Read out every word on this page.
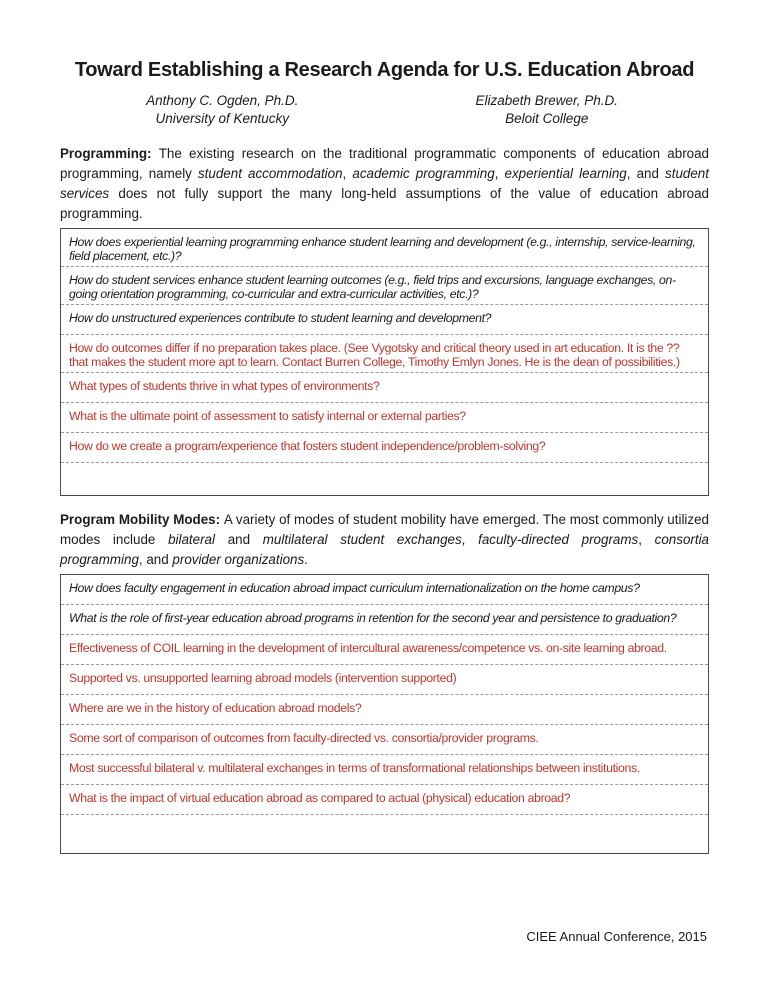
Toward Establishing a Research Agenda for U.S. Education Abroad
Anthony C. Ogden, Ph.D.
University of Kentucky
Elizabeth Brewer, Ph.D.
Beloit College

Programming: The existing research on the traditional programmatic components of education abroad programming, namely student accommodation, academic programming, experiential learning, and student services does not fully support the many long-held assumptions of the value of education abroad programming.

How does experiential learning programming enhance student learning and development (e.g., internship, service-learning, field placement, etc.)?
How do student services enhance student learning outcomes (e.g., field trips and excursions, language exchanges, on-going orientation programming, co-curricular and extra-curricular activities, etc.)?
How do unstructured experiences contribute to student learning and development?
How do outcomes differ if no preparation takes place. (See Vygotsky and critical theory used in art education. It is the ?? that makes the student more apt to learn. Contact Burren College, Timothy Emlyn Jones. He is the dean of possibilities.)
What types of students thrive in what types of environments?
What is the ultimate point of assessment to satisfy internal or external parties?
How do we create a program/experience that fosters student independence/problem-solving?

Program Mobility Modes: A variety of modes of student mobility have emerged. The most commonly utilized modes include bilateral and multilateral student exchanges, faculty-directed programs, consortia programming, and provider organizations.

How does faculty engagement in education abroad impact curriculum internationalization on the home campus?
What is the role of first-year education abroad programs in retention for the second year and persistence to graduation?
Effectiveness of COIL learning in the development of intercultural awareness/competence vs. on-site learning abroad.
Supported vs. unsupported learning abroad models (intervention supported)
Where are we in the history of education abroad models?
Some sort of comparison of outcomes from faculty-directed vs. consortia/provider programs.
Most successful bilateral v. multilateral exchanges in terms of transformational relationships between institutions.
What is the impact of virtual education abroad as compared to actual (physical) education abroad?
CIEE Annual Conference, 2015
